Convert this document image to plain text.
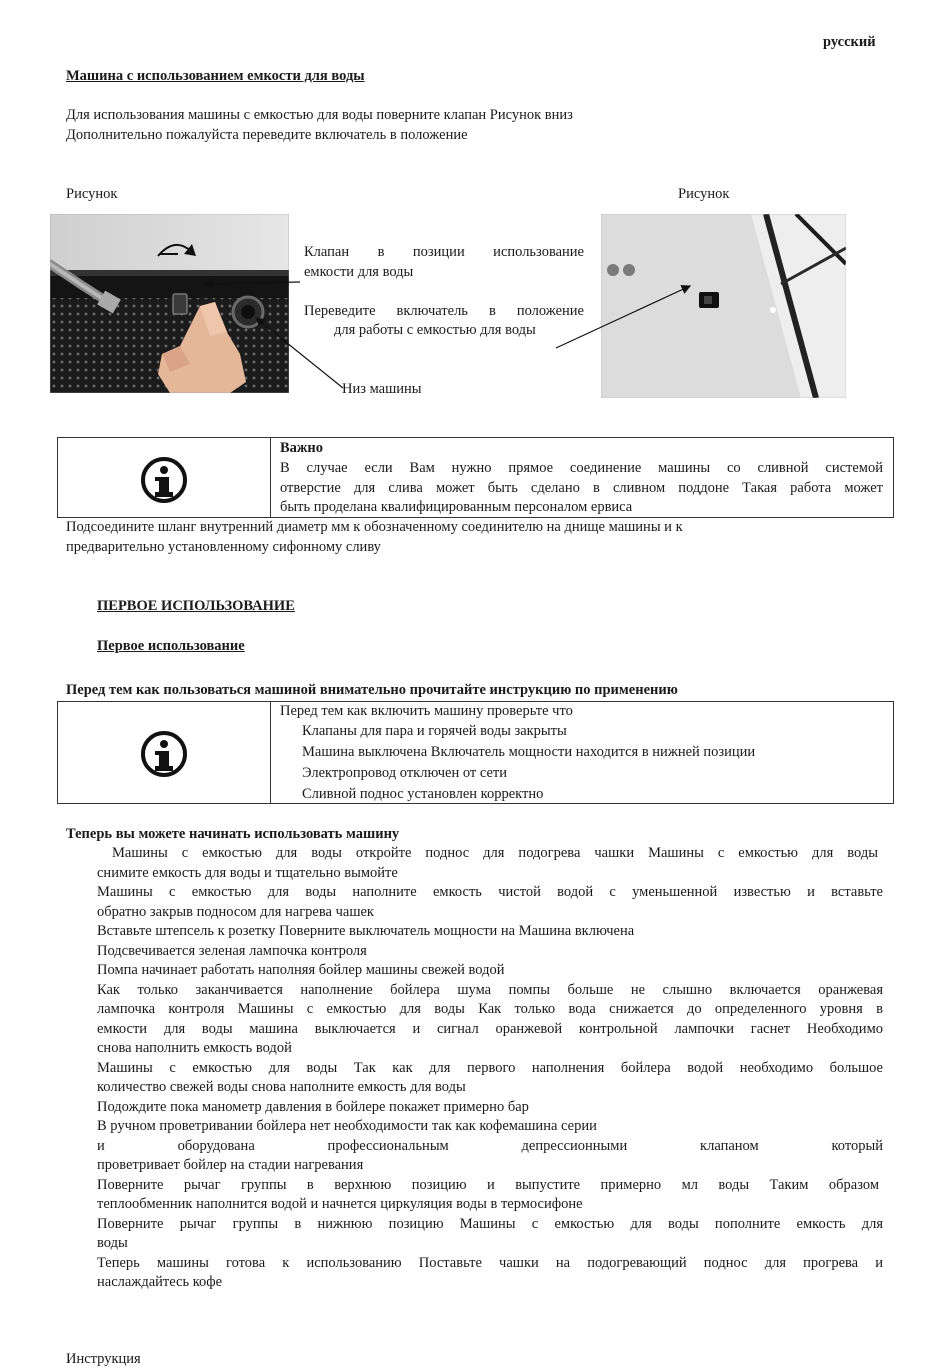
русский
Машина с использованием емкости для воды
Для использования машины с емкостью для воды поверните клапан Рисунок вниз
Дополнительно пожалуйста переведите включатель в положение
Рисунок	Рисунок
Клапан в позиции использование
емкости для воды
Переведите включатель в положение
для работы с емкостью для воды
Низ машины
Важно
В случае если Вам нужно прямое соединение машины со сливной системой
отверстие для слива может быть сделано в сливном поддоне Такая работа может
быть проделана квалифицированным персоналом ервиса
Подсоедините шланг внутренний диаметр мм к обозначенному соединителю на днище машины и к
предварительно установленному сифонному сливу
ПЕРВОЕ ИСПОЛЬЗОВАНИЕ
Первое использование
Перед тем как пользоваться машиной внимательно прочитайте инструкцию по применению
Перед тем как включить машину проверьте что
Клапаны для пара и горячей воды закрыты
Машина выключена Включатель мощности находится в нижней позиции
Электропровод отключен от сети
Сливной поднос установлен корректно
Теперь вы можете начинать использовать машину
Машины с емкостью для воды откройте поднос для подогрева чашки Машины с емкостью для воды
снимите емкость для воды и тщательно вымойте
Машины с емкостью для воды наполните емкость чистой водой с уменьшенной известью и вставьте
обратно закрыв подносом для нагрева чашек
Вставьте штепсель к розетку Поверните выключатель мощности на Машина включена
Подсвечивается зеленая лампочка контроля
Помпа начинает работать наполняя бойлер машины свежей водой
Как только заканчивается наполнение бойлера шума помпы больше не слышно включается оранжевая
лампочка контроля Машины с емкостью для воды Как только вода снижается до определенного уровня в
емкости для воды машина выключается и сигнал оранжевой контрольной лампочки гаснет Необходимо
снова наполнить емкость водой
Машины с емкостью для воды Так как для первого наполнения бойлера водой необходимо большое
количество свежей воды снова наполните емкость для воды
Подождите пока манометр давления в бойлере покажет примерно бар
В ручном проветривании бойлера нет необходимости так как кофемашина серии
и оборудована профессиональным депрессионными клапаном который
проветривает бойлер на стадии нагревания
Поверните рычаг группы в верхнюю позицию и выпустите примерно мл воды Таким образом
теплообменник наполнится водой и начнется циркуляция воды в термосифоне
Поверните рычаг группы в нижнюю позицию Машины с емкостью для воды пополните емкость для
воды
Теперь машины готова к использованию Поставьте чашки на подогревающий поднос для прогрева и
наслаждайтесь кофе
Инструкция
